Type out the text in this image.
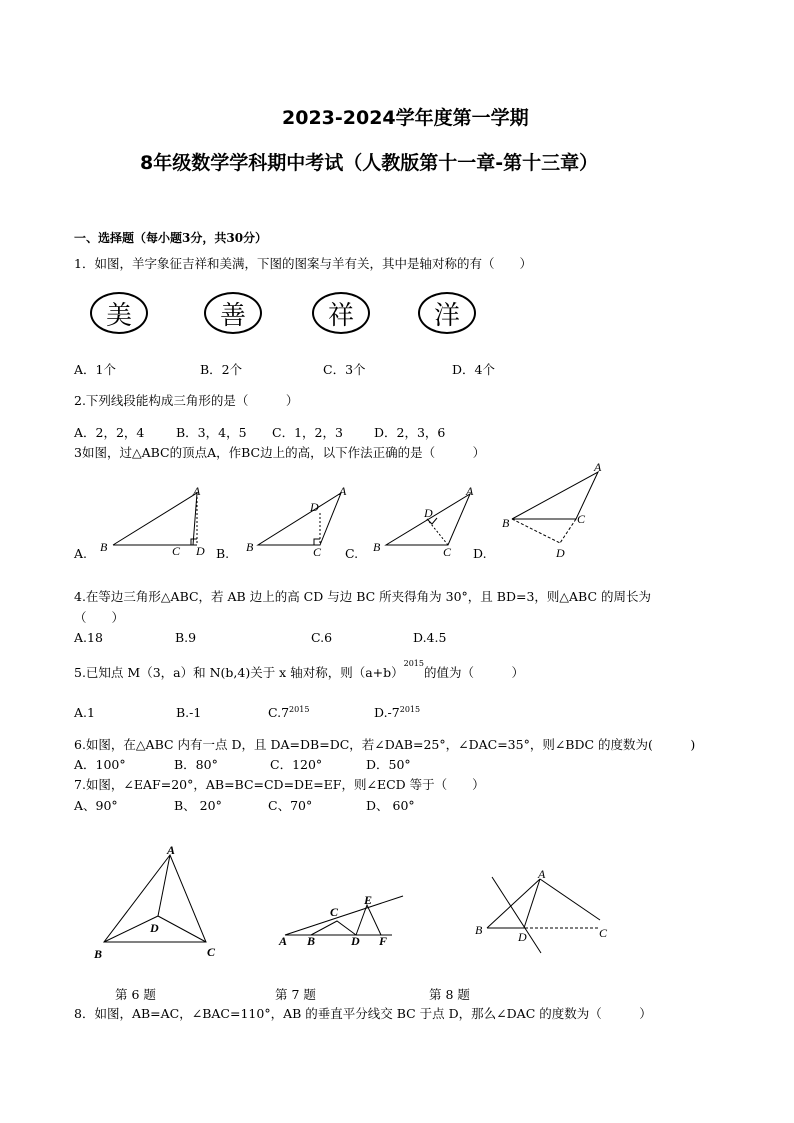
2023-2024学年度第一学期
8年级数学学科期中考试（人教版第十一章-第十三章）
一、选择题（每小题3分，共30分）
1．如图，羊字象征吉祥和美满，下图的图案与羊有关，其中是轴对称的有（　　）
美	善	祥	洋
A．1个	B．2个	C．3个	D．4个
2.下列线段能构成三角形的是（　　　）
A．2，2，4	B．3，4，5 C．1，2，3 D．2，3，6
3如图，过△ABC的顶点A，作BC边上的高，以下作法正确的是（　　　）
A
B	C D
A
B	C
D
A
B	C
D
A
B	C
D
A.	B.	C.	D.
4.在等边三角形△ABC，若 AB 边上的高 CD 与边 BC 所夹得角为 30°，且 BD=3，则△ABC 的周长为
（　　）
A.18	B.9	C.6	D.4.5
5.已知点 M（3，a）和 N(b,4)关于 x 轴对称，则$(a+b)^{2015}$的值为（　　　）
A.1	B.-1	$C.7^{2015}$	$D.-7^{2015}$
6.如图，在△ABC 内有一点 D，且 DA=DB=DC，若∠DAB=25°，∠DAC=35°，则∠BDC 的度数为(　　　)
A．100°	B．80°	C．120°	D．50°
7.如图，∠EAF=20°，AB=BC=CD=DE=EF，则∠ECD 等于（　　）
A、90°	B、 20°	C、70°	D、 60°
A
B	C
D
A B
C
D
E
F
A
B	C
D
第 6 题	第 7 题	第 8 题
8．如图，AB=AC，∠BAC=110°，AB 的垂直平分线交 BC 于点 D，那么∠DAC 的度数为（　　　）
